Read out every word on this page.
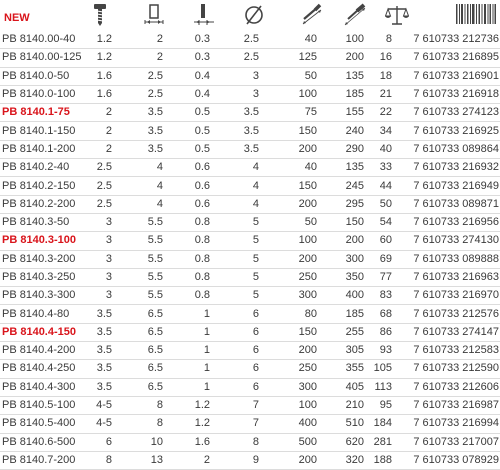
NEW
PB 8140.00-40	1.2	2	0.3	2.5	40	100	8	7 610733 212736
PB 8140.00-125	1.2	2	0.3	2.5	125	200	16	7 610733 216895
PB 8140.0-50	1.6	2.5	0.4	3	50	135	18	7 610733 216901
PB 8140.0-100	1.6	2.5	0.4	3	100	185	21	7 610733 216918
PB 8140.1-75	2	3.5	0.5	3.5	75	155	22	7 610733 274123
PB 8140.1-150	2	3.5	0.5	3.5	150	240	34	7 610733 216925
PB 8140.1-200	2	3.5	0.5	3.5	200	290	40	7 610733 089864
PB 8140.2-40	2.5	4	0.6	4	40	135	33	7 610733 216932
PB 8140.2-150	2.5	4	0.6	4	150	245	44	7 610733 216949
PB 8140.2-200	2.5	4	0.6	4	200	295	50	7 610733 089871
PB 8140.3-50	3	5.5	0.8	5	50	150	54	7 610733 216956
PB 8140.3-100	3	5.5	0.8	5	100	200	60	7 610733 274130
PB 8140.3-200	3	5.5	0.8	5	200	300	69	7 610733 089888
PB 8140.3-250	3	5.5	0.8	5	250	350	77	7 610733 216963
PB 8140.3-300	3	5.5	0.8	5	300	400	83	7 610733 216970
PB 8140.4-80	3.5	6.5	1	6	80	185	68	7 610733 212576
PB 8140.4-150	3.5	6.5	1	6	150	255	86	7 610733 274147
PB 8140.4-200	3.5	6.5	1	6	200	305	93	7 610733 212583
PB 8140.4-250	3.5	6.5	1	6	250	355	105	7 610733 212590
PB 8140.4-300	3.5	6.5	1	6	300	405	113	7 610733 212606
PB 8140.5-100	4-5	8	1.2	7	100	210	95	7 610733 216987
PB 8140.5-400	4-5	8	1.2	7	400	510	184	7 610733 216994
PB 8140.6-500	6	10	1.6	8	500	620	281	7 610733 217007
PB 8140.7-200	8	13	2	9	200	320	188	7 610733 078929
